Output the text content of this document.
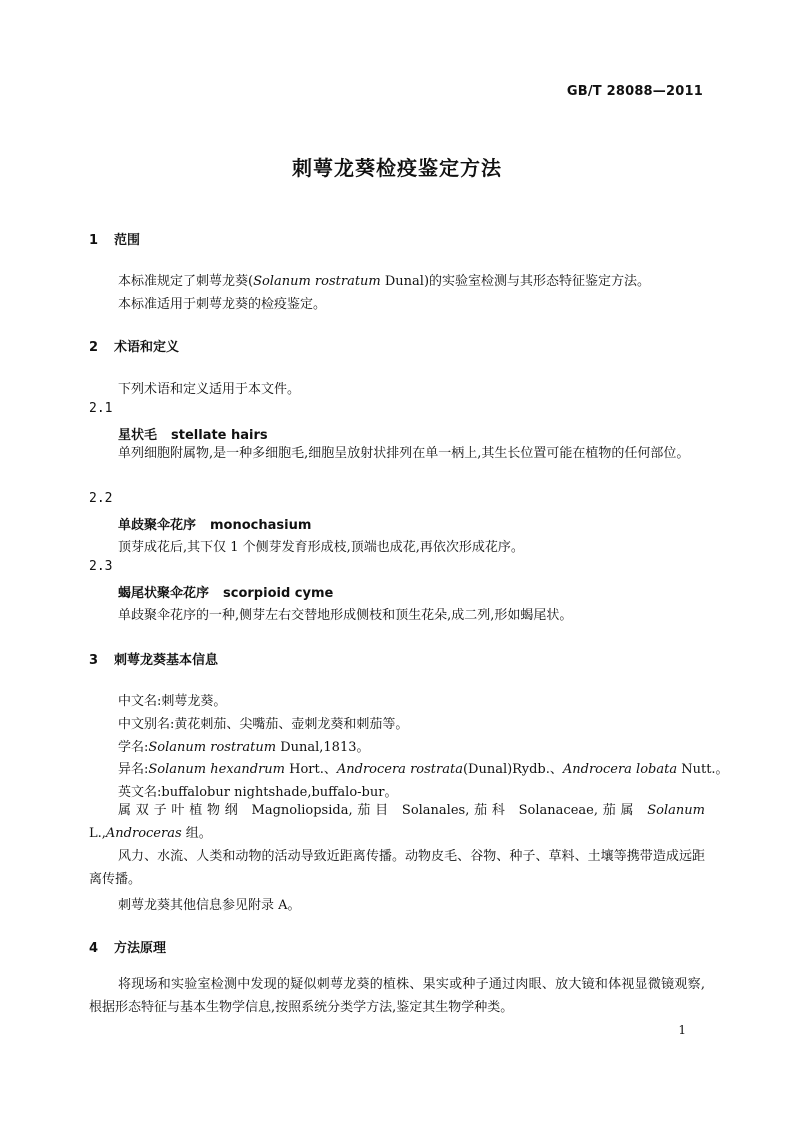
GB/T 28088—2011
刺萼龙葵检疫鉴定方法
1 范围
本标准规定了刺萼龙葵(Solanum rostratum Dunal)的实验室检测与其形态特征鉴定方法。
本标准适用于刺萼龙葵的检疫鉴定。
2 术语和定义
下列术语和定义适用于本文件。
2.1
星状毛 stellate hairs
单列细胞附属物,是一种多细胞毛,细胞呈放射状排列在单一柄上,其生长位置可能在植物的任何部位。
2.2
单歧聚伞花序 monochasium
顶芽成花后,其下仅 1 个侧芽发育形成枝,顶端也成花,再依次形成花序。
2.3
蝎尾状聚伞花序 scorpioid cyme
单歧聚伞花序的一种,侧芽左右交替地形成侧枝和顶生花朵,成二列,形如蝎尾状。
3 刺萼龙葵基本信息
中文名:刺萼龙葵。
中文别名:黄花刺茄、尖嘴茄、壶刺龙葵和刺茄等。
学名:Solanum rostratum Dunal,1813。
异名:Solanum hexandrum Hort.、Androcera rostrata(Dunal)Rydb.、Androcera lobata Nutt.。
英文名:buffalobur nightshade,buffalo-bur。
属双子叶植物纲 Magnoliopsida,茄目 Solanales,茄科 Solanaceae,茄属 Solanum L.,Androceras 组。
风力、水流、人类和动物的活动导致近距离传播。动物皮毛、谷物、种子、草料、土壤等携带造成远距离传播。
刺萼龙葵其他信息参见附录 A。
4 方法原理
将现场和实验室检测中发现的疑似刺萼龙葵的植株、果实或种子通过肉眼、放大镜和体视显微镜观察,根据形态特征与基本生物学信息,按照系统分类学方法,鉴定其生物学种类。
1
